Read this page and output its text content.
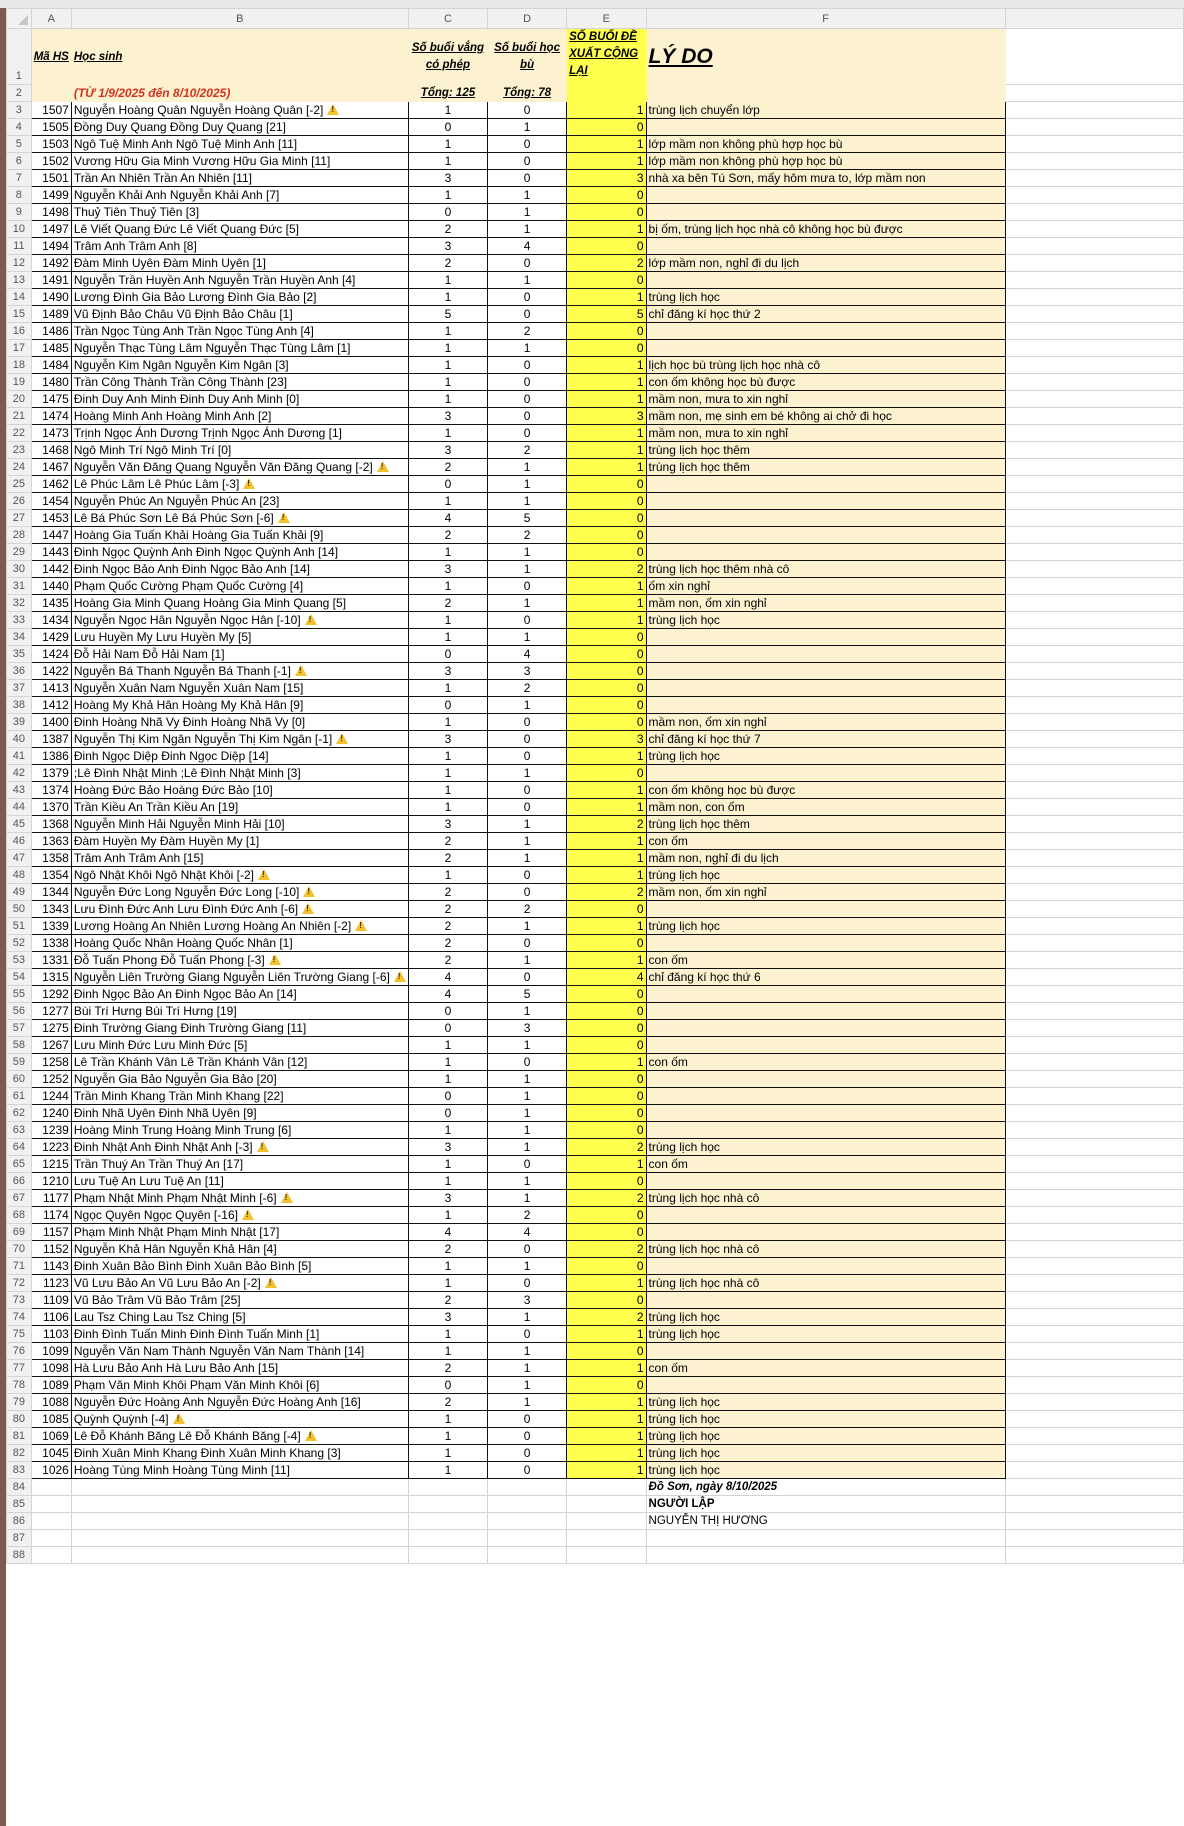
	A	B	C	D	E	F	
1	Mã HS	Học sinh	Số buổi vắng có phép	Số buổi học bù	SỐ BUỔI ĐỀ XUẤT CỘNG LẠI	LÝ DO	
2		(TỪ 1/9/2025 đến 8/10/2025)	Tổng: 125	Tổng: 78			
3	1507	Nguyễn Hoàng Quân Nguyễn Hoàng Quân [-2]!	1	0	1	trùng lịch chuyển lớp	
4	1505	Đồng Duy Quang Đồng Duy Quang [21]	0	1	0		
5	1503	Ngô Tuệ Minh Anh Ngô Tuệ Minh Anh [11]	1	0	1	lớp mầm non không phù hợp học bù	
6	1502	Vương Hữu Gia Minh Vương Hữu Gia Minh [11]	1	0	1	lớp mầm non không phù hợp học bù	
7	1501	Trần An Nhiên Trần An Nhiên [11]	3	0	3	nhà xa bên Tú Sơn, mấy hôm mưa to, lớp mầm non	
8	1499	Nguyễn Khải Anh Nguyễn Khải Anh [7]	1	1	0		
9	1498	Thuỷ Tiên Thuỷ Tiên [3]	0	1	0		
10	1497	Lê Viết Quang Đức Lê Viết Quang Đức [5]	2	1	1	bị ốm, trùng lịch học nhà cô không học bù được	
11	1494	Trâm Anh Trâm Anh [8]	3	4	0		
12	1492	Đàm Minh Uyên Đàm Minh Uyên [1]	2	0	2	lớp mầm non, nghỉ đi du lịch	
13	1491	Nguyễn Trần Huyền Anh Nguyễn Trần Huyền Anh [4]	1	1	0		
14	1490	Lương Đình Gia Bảo Lương Đình Gia Bảo [2]	1	0	1	trùng lịch học	
15	1489	Vũ Định Bảo Châu Vũ Định Bảo Châu [1]	5	0	5	chỉ đăng kí học thứ 2	
16	1486	Trần Ngọc Tùng Anh Trần Ngọc Tùng Anh [4]	1	2	0		
17	1485	Nguyễn Thạc Tùng Lâm Nguyễn Thạc Tùng Lâm [1]	1	1	0		
18	1484	Nguyễn Kim Ngân Nguyễn Kim Ngân [3]	1	0	1	lịch học bù trùng lịch học nhà cô	
19	1480	Trần Công Thành Trần Công Thành [23]	1	0	1	con ốm không học bù được	
20	1475	Đinh Duy Anh Minh Đinh Duy Anh Minh [0]	1	0	1	mầm non, mưa to xin nghỉ	
21	1474	Hoàng Minh Anh Hoàng Minh Anh [2]	3	0	3	mầm non, mẹ sinh em bé không ai chở đi học	
22	1473	Trịnh Ngọc Ánh Dương Trịnh Ngọc Ánh Dương [1]	1	0	1	mầm non, mưa to xin nghỉ	
23	1468	Ngô Minh Trí Ngô Minh Trí [0]	3	2	1	trùng lịch học thêm	
24	1467	Nguyễn Văn Đăng Quang Nguyễn Văn Đăng Quang [-2]!	2	1	1	trùng lịch học thêm	
25	1462	Lê Phúc Lâm Lê Phúc Lâm [-3]!	0	1	0		
26	1454	Nguyễn Phúc An Nguyễn Phúc An [23]	1	1	0		
27	1453	Lê Bá Phúc Sơn Lê Bá Phúc Sơn [-6]!	4	5	0		
28	1447	Hoàng Gia Tuấn Khải Hoàng Gia Tuấn Khải [9]	2	2	0		
29	1443	Đinh Ngọc Quỳnh Anh Đinh Ngọc Quỳnh Anh [14]	1	1	0		
30	1442	Đinh Ngọc Bảo Anh Đinh Ngọc Bảo Anh [14]	3	1	2	trùng lịch học thêm nhà cô	
31	1440	Phạm Quốc Cường Phạm Quốc Cường [4]	1	0	1	ốm xin nghỉ	
32	1435	Hoàng Gia Minh Quang Hoàng Gia Minh Quang [5]	2	1	1	mầm non, ốm xin nghỉ	
33	1434	Nguyễn Ngọc Hân Nguyễn Ngọc Hân [-10]!	1	0	1	trùng lịch học	
34	1429	Lưu Huyền My Lưu Huyền My [5]	1	1	0		
35	1424	Đỗ Hải Nam Đỗ Hải Nam [1]	0	4	0		
36	1422	Nguyễn Bá Thanh Nguyễn Bá Thanh [-1]!	3	3	0		
37	1413	Nguyễn Xuân Nam Nguyễn Xuân Nam [15]	1	2	0		
38	1412	Hoàng My Khả Hân Hoàng My Khả Hân [9]	0	1	0		
39	1400	Đinh Hoàng Nhã Vy Đinh Hoàng Nhã Vy [0]	1	0	0	mầm non, ốm xin nghỉ	
40	1387	Nguyễn Thị Kim Ngân Nguyễn Thị Kim Ngân [-1]!	3	0	3	chỉ đăng kí học thứ 7	
41	1386	Đinh Ngọc Diệp Đinh Ngọc Diệp [14]	1	0	1	trùng lịch học	
42	1379	;Lê Đình Nhật Minh ;Lê Đình Nhật Minh [3]	1	1	0		
43	1374	Hoàng Đức Bảo Hoàng Đức Bảo [10]	1	0	1	con ốm không học bù được	
44	1370	Trần Kiều An Trần Kiều An [19]	1	0	1	mầm non, con ốm	
45	1368	Nguyễn Minh Hải Nguyễn Minh Hải [10]	3	1	2	trùng lịch học thêm	
46	1363	Đàm Huyền My Đàm Huyền My [1]	2	1	1	con ốm	
47	1358	Trâm Anh Trâm Anh [15]	2	1	1	mầm non, nghỉ đi du lịch	
48	1354	Ngô Nhật Khôi Ngô Nhật Khôi [-2]!	1	0	1	trùng lịch học	
49	1344	Nguyễn Đức Long Nguyễn Đức Long [-10]!	2	0	2	mầm non, ốm xin nghỉ	
50	1343	Lưu Đình Đức Anh Lưu Đình Đức Anh [-6]!	2	2	0		
51	1339	Lương Hoàng An Nhiên Lương Hoàng An Nhiên [-2]!	2	1	1	trùng lịch học	
52	1338	Hoàng Quốc Nhân Hoàng Quốc Nhân [1]	2	0	0		
53	1331	Đỗ Tuấn Phong Đỗ Tuấn Phong [-3]!	2	1	1	con ốm	
54	1315	Nguyễn Liên Trường Giang Nguyễn Liên Trường Giang [-6]!	4	0	4	chỉ đăng kí học thứ 6	
55	1292	Đinh Ngọc Bảo An Đinh Ngọc Bảo An [14]	4	5	0		
56	1277	Bùi Trí Hưng Bùi Trí Hưng [19]	0	1	0		
57	1275	Đinh Trường Giang Đinh Trường Giang [11]	0	3	0		
58	1267	Lưu Minh Đức Lưu Minh Đức [5]	1	1	0		
59	1258	Lê Trần Khánh Vân Lê Trần Khánh Vân [12]	1	0	1	con ốm	
60	1252	Nguyễn Gia Bảo Nguyễn Gia Bảo [20]	1	1	0		
61	1244	Trần Minh Khang Trần Minh Khang [22]	0	1	0		
62	1240	Đinh Nhã Uyên Đinh Nhã Uyên [9]	0	1	0		
63	1239	Hoàng Minh Trung Hoàng Minh Trung [6]	1	1	0		
64	1223	Đinh Nhật Anh Đinh Nhật Anh [-3]!	3	1	2	trùng lịch học	
65	1215	Trần Thuý An Trần Thuý An [17]	1	0	1	con ốm	
66	1210	Lưu Tuệ An Lưu Tuệ An [11]	1	1	0		
67	1177	Phạm Nhật Minh Phạm Nhật Minh [-6]!	3	1	2	trùng lịch học nhà cô	
68	1174	Ngọc Quyên Ngọc Quyên [-16]!	1	2	0		
69	1157	Phạm Minh Nhật Phạm Minh Nhật [17]	4	4	0		
70	1152	Nguyễn Khả Hân Nguyễn Khả Hân [4]	2	0	2	trùng lịch học nhà cô	
71	1143	Đinh Xuân Bảo Bình Đinh Xuân Bảo Bình [5]	1	1	0		
72	1123	Vũ Lưu Bảo An Vũ Lưu Bảo An [-2]!	1	0	1	trùng lịch học nhà cô	
73	1109	Vũ Bảo Trâm Vũ Bảo Trâm [25]	2	3	0		
74	1106	Lau Tsz Ching Lau Tsz Ching [5]	3	1	2	trùng lịch học	
75	1103	Đinh Đình Tuấn Minh Đinh Đình Tuấn Minh [1]	1	0	1	trùng lịch học	
76	1099	Nguyễn Văn Nam Thành Nguyễn Văn Nam Thành [14]	1	1	0		
77	1098	Hà Lưu Bảo Anh Hà Lưu Bảo Anh [15]	2	1	1	con ốm	
78	1089	Phạm Văn Minh Khôi Phạm Văn Minh Khôi [6]	0	1	0		
79	1088	Nguyễn Đức Hoàng Anh Nguyễn Đức Hoàng Anh [16]	2	1	1	trùng lịch học	
80	1085	Quỳnh Quỳnh [-4]!	1	0	1	trùng lịch học	
81	1069	Lê Đỗ Khánh Băng Lê Đỗ Khánh Băng [-4]!	1	0	1	trùng lịch học	
82	1045	Đinh Xuân Minh Khang Đinh Xuân Minh Khang [3]	1	0	1	trùng lịch học	
83	1026	Hoàng Tùng Minh Hoàng Tùng Minh [11]	1	0	1	trùng lịch học	
84						Đồ Sơn, ngày 8/10/2025	
85						NGƯỜI LẬP	
86						NGUYỄN THỊ HƯƠNG	
87							
88							
